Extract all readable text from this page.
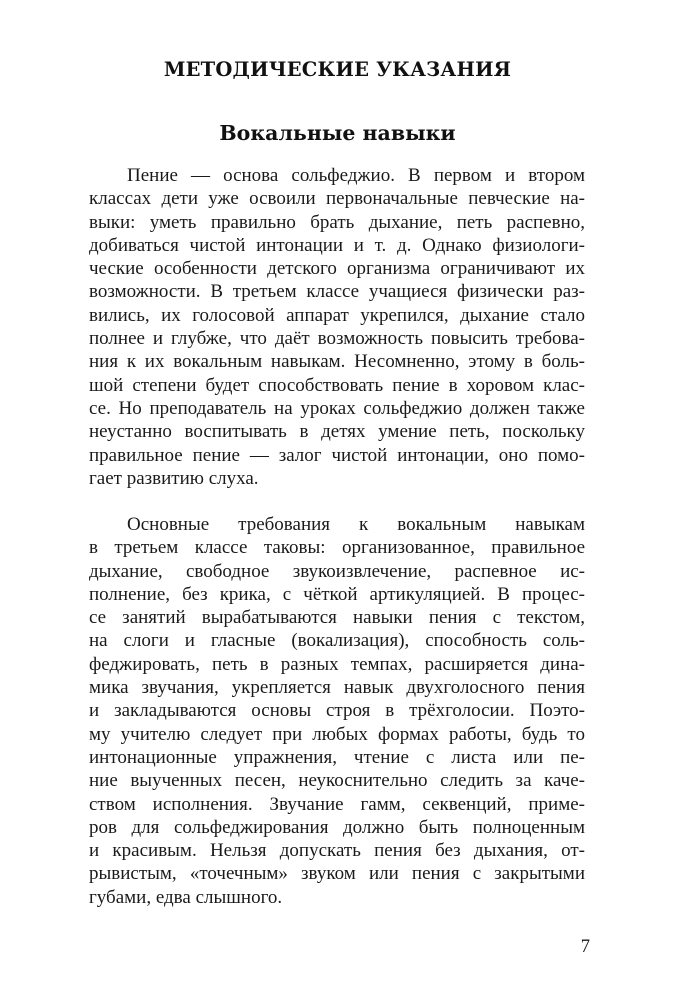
МЕТОДИЧЕСКИЕ УКАЗАНИЯ
Вокальные навыки
Пение — основа сольфеджио. В первом и втором
классах дети уже освоили первоначальные певческие на-
выки: уметь правильно брать дыхание, петь распевно,
добиваться чистой интонации и т. д. Однако физиологи-
ческие особенности детского организма ограничивают их
возможности. В третьем классе учащиеся физически раз-
вились, их голосовой аппарат укрепился, дыхание стало
полнее и глубже, что даёт возможность повысить требова-
ния к их вокальным навыкам. Несомненно, этому в боль-
шой степени будет способствовать пение в хоровом клас-
се. Но преподаватель на уроках сольфеджио должен также
неустанно воспитывать в детях умение петь, поскольку
правильное пение — залог чистой интонации, оно помо-
гает развитию слуха.
Основные требования к вокальным навыкам
в третьем классе таковы: организованное, правильное
дыхание, свободное звукоизвлечение, распевное ис-
полнение, без крика, с чёткой артикуляцией. В процес-
се занятий вырабатываются навыки пения с текстом,
на слоги и гласные (вокализация), способность соль-
феджировать, петь в разных темпах, расширяется дина-
мика звучания, укрепляется навык двухголосного пения
и закладываются основы строя в трёхголосии. Поэто-
му учителю следует при любых формах работы, будь то
интонационные упражнения, чтение с листа или пе-
ние выученных песен, неукоснительно следить за каче-
ством исполнения. Звучание гамм, секвенций, приме-
ров для сольфеджирования должно быть полноценным
и красивым. Нельзя допускать пения без дыхания, от-
рывистым, «точечным» звуком или пения с закрытыми
губами, едва слышного.
7
